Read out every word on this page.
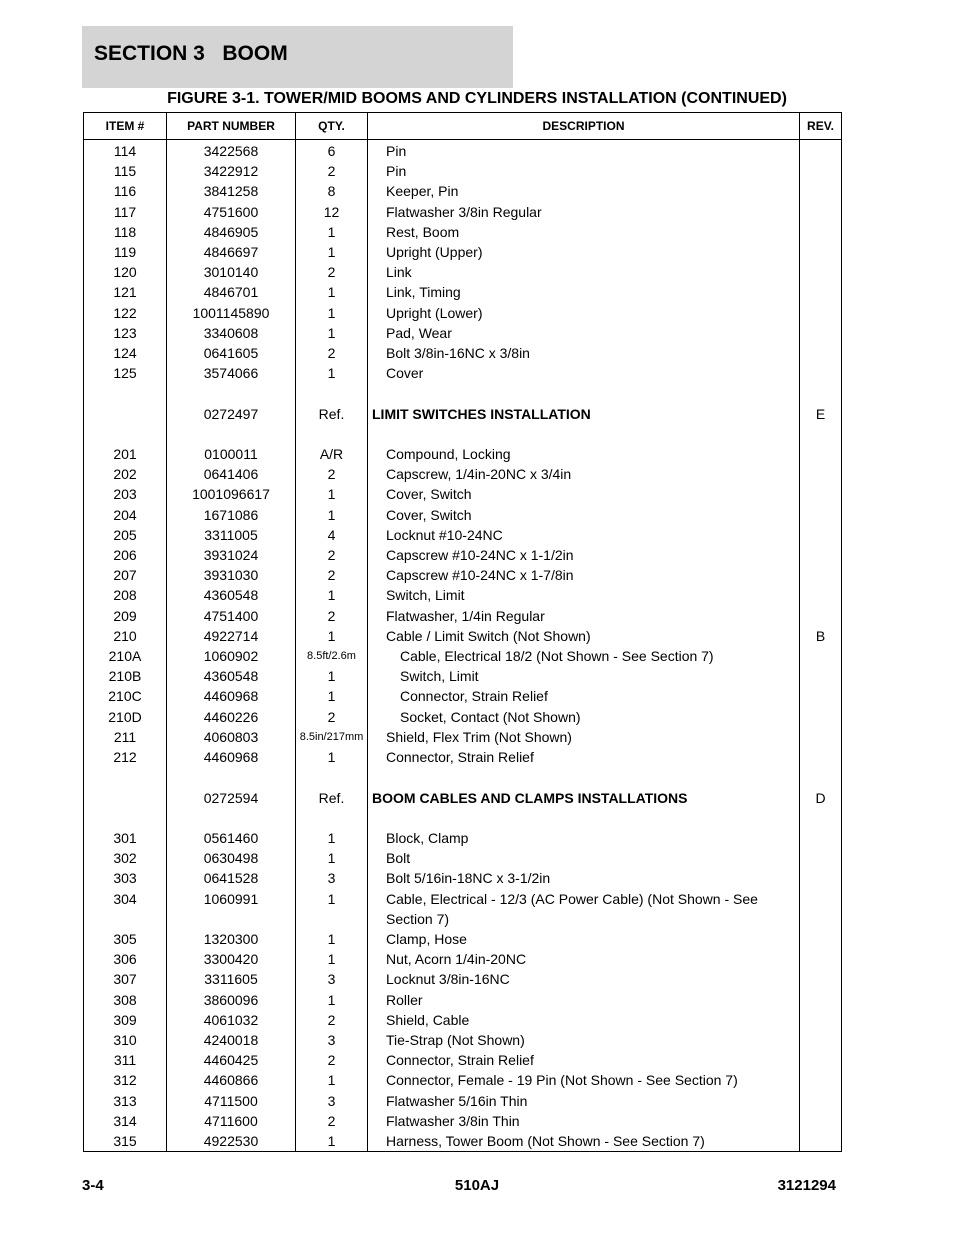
SECTION 3   BOOM
FIGURE 3-1. TOWER/MID BOOMS AND CYLINDERS INSTALLATION (CONTINUED)
ITEM #	PART NUMBER	QTY.	DESCRIPTION	REV.
114	3422568	6	Pin	
115	3422912	2	Pin	
116	3841258	8	Keeper, Pin	
117	4751600	12	Flatwasher 3/8in Regular	
118	4846905	1	Rest, Boom	
119	4846697	1	Upright (Upper)	
120	3010140	2	Link	
121	4846701	1	Link, Timing	
122	1001145890	1	Upright (Lower)	
123	3340608	1	Pad, Wear	
124	0641605	2	Bolt 3/8in-16NC x 3/8in	
125	3574066	1	Cover	

	0272497	Ref.	LIMIT SWITCHES INSTALLATION	E

201	0100011	A/R	Compound, Locking	
202	0641406	2	Capscrew, 1/4in-20NC x 3/4in	
203	1001096617	1	Cover, Switch	
204	1671086	1	Cover, Switch	
205	3311005	4	Locknut #10-24NC	
206	3931024	2	Capscrew #10-24NC x 1-1/2in	
207	3931030	2	Capscrew #10-24NC x 1-7/8in	
208	4360548	1	Switch, Limit	
209	4751400	2	Flatwasher, 1/4in Regular	
210	4922714	1	Cable / Limit Switch (Not Shown)	B
210A	1060902	8.5ft/2.6m	Cable, Electrical 18/2 (Not Shown - See Section 7)	
210B	4360548	1	Switch, Limit	
210C	4460968	1	Connector, Strain Relief	
210D	4460226	2	Socket, Contact (Not Shown)	
211	4060803	8.5in/217mm	Shield, Flex Trim (Not Shown)	
212	4460968	1	Connector, Strain Relief	

	0272594	Ref.	BOOM CABLES AND CLAMPS INSTALLATIONS	D

301	0561460	1	Block, Clamp	
302	0630498	1	Bolt	
303	0641528	3	Bolt 5/16in-18NC x 3-1/2in	
304	1060991	1	Cable, Electrical - 12/3 (AC Power Cable) (Not Shown - See Section 7)	
305	1320300	1	Clamp, Hose	
306	3300420	1	Nut, Acorn 1/4in-20NC	
307	3311605	3	Locknut 3/8in-16NC	
308	3860096	1	Roller	
309	4061032	2	Shield, Cable	
310	4240018	3	Tie-Strap (Not Shown)	
311	4460425	2	Connector, Strain Relief	
312	4460866	1	Connector, Female - 19 Pin (Not Shown - See Section 7)	
313	4711500	3	Flatwasher 5/16in Thin	
314	4711600	2	Flatwasher 3/8in Thin	
315	4922530	1	Harness, Tower Boom (Not Shown - See Section 7)	
3-4	510AJ	3121294
